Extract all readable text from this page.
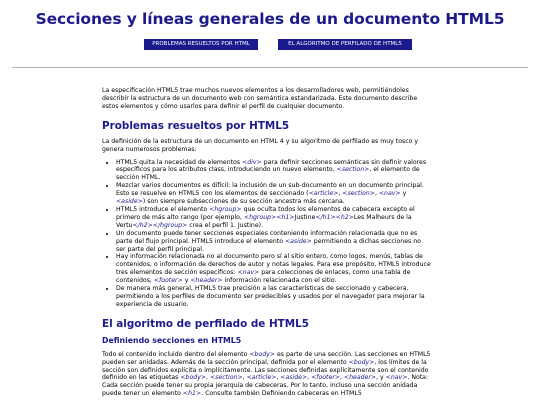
Secciones y líneas generales de un documento HTML5
PROBLEMAS RESUELTOS POR HTML	EL ALGORITMO DE PERFILADO DE HTML5

La especificación HTML5 trae muchos nuevos elementos a los desarrolladores web, permitiéndoles describir la estructura de un documento web con semántica estandarizada. Este documento describe estos elementos y cómo usarlos para definir el perfil de cualquier documento.

Problemas resueltos por HTML5

La definición de la estructura de un documento en HTML 4 y su algoritmo de perfilado es muy tosco y genera numerosos problemas:

• HTML5 quita la necesidad de elementos <div> para definir secciones semánticas sin definir valores específicos para los atributos class, introduciendo un nuevo elemento, <section>, el elemento de sección HTML.
• Mezclar varios documentos es difícil: la inclusión de un sub-documento en un documento principal. Esto se resuelve en HTML5 con los elementos de seccionado (<article>, <section>, <nav> y <aside>) son siempre subsecciones de su sección ancestra más cercana.
• HTML5 introduce el elemento <hgroup> que oculta todos los elementos de cabecera excepto el primero de más alto rango (por ejemplo, <hgroup><h1>Justine</h1><h2>Les Malheurs de la Vertu</h2></hgroup> crea el perfil 1. Justine).
• Un documento puede tener secciones especiales conteniendo información relacionada que no es parte del flujo principal. HTML5 introduce el elemento <aside> permitiendo a dichas secciones no ser parte del perfil principal.
• Hay información relacionada no al documento pero sí al sitio entero, como logos, menús, tablas de contenidos, o información de derechos de autor y notas legales. Para ese propósito, HTML5 introduce tres elementos de sección específicos: <nav> para colecciones de enlaces, como una tabla de contenidos, <footer> y <header> información relacionada con el sitio.
• De manera más general, HTML5 trae precisión a las características de seccionado y cabecera, permitiendo a los perfiles de documento ser predecibles y usados por el navegador para mejorar la experiencia de usuario.
El algoritmo de perfilado de HTML5
Definiendo secciones en HTML5

Todo el contenido incluido dentro del elemento <body> es parte de una sección. Las secciones en HTML5 pueden ser anidadas. Además de la sección principal, definida por el elemento <body>, los límites de la sección son definidos explícita o implícitamente. Las secciones definidas explícitamente son el contenido definido en las etiquetas <body>, <section>, <article>, <aside>, <footer>, <header>, y <nav>. Nota: Cada sección puede tener su propia jerarquía de cabeceras. Por lo tanto, incluso una sección anidada puede tener un elemento <h1>. Consulte también Definiendo cabeceras en HTML5
